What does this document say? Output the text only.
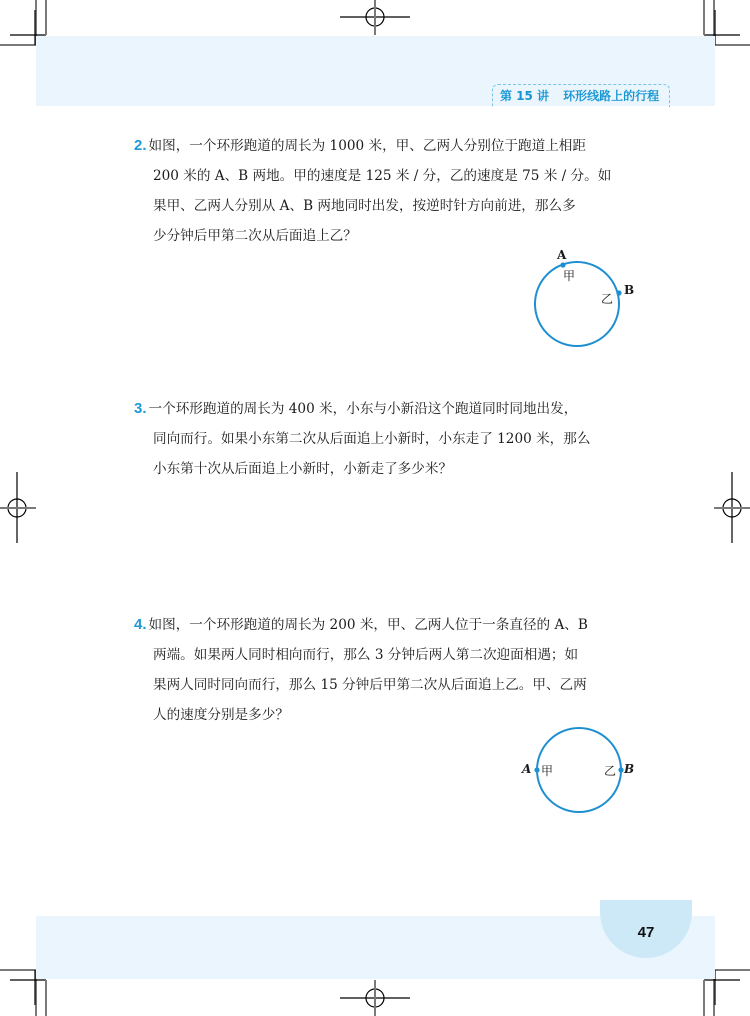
第 15 讲 环形线路上的行程
2. 如图，一个环形跑道的周长为 1000 米，甲、乙两人分别位于跑道上相距
200 米的 A、B 两地。甲的速度是 125 米 / 分，乙的速度是 75 米 / 分。如
果甲、乙两人分别从 A、B 两地同时出发，按逆时针方向前进，那么多
少分钟后甲第二次从后面追上乙？
A
甲
B
乙
3. 一个环形跑道的周长为 400 米，小东与小新沿这个跑道同时同地出发，
同向而行。如果小东第二次从后面追上小新时，小东走了 1200 米，那么
小东第十次从后面追上小新时，小新走了多少米？
4. 如图，一个环形跑道的周长为 200 米，甲、乙两人位于一条直径的 A、B
两端。如果两人同时相向而行，那么 3 分钟后两人第二次迎面相遇；如
果两人同时同向而行，那么 15 分钟后甲第二次从后面追上乙。甲、乙两
人的速度分别是多少？
A 甲	乙 B
47
